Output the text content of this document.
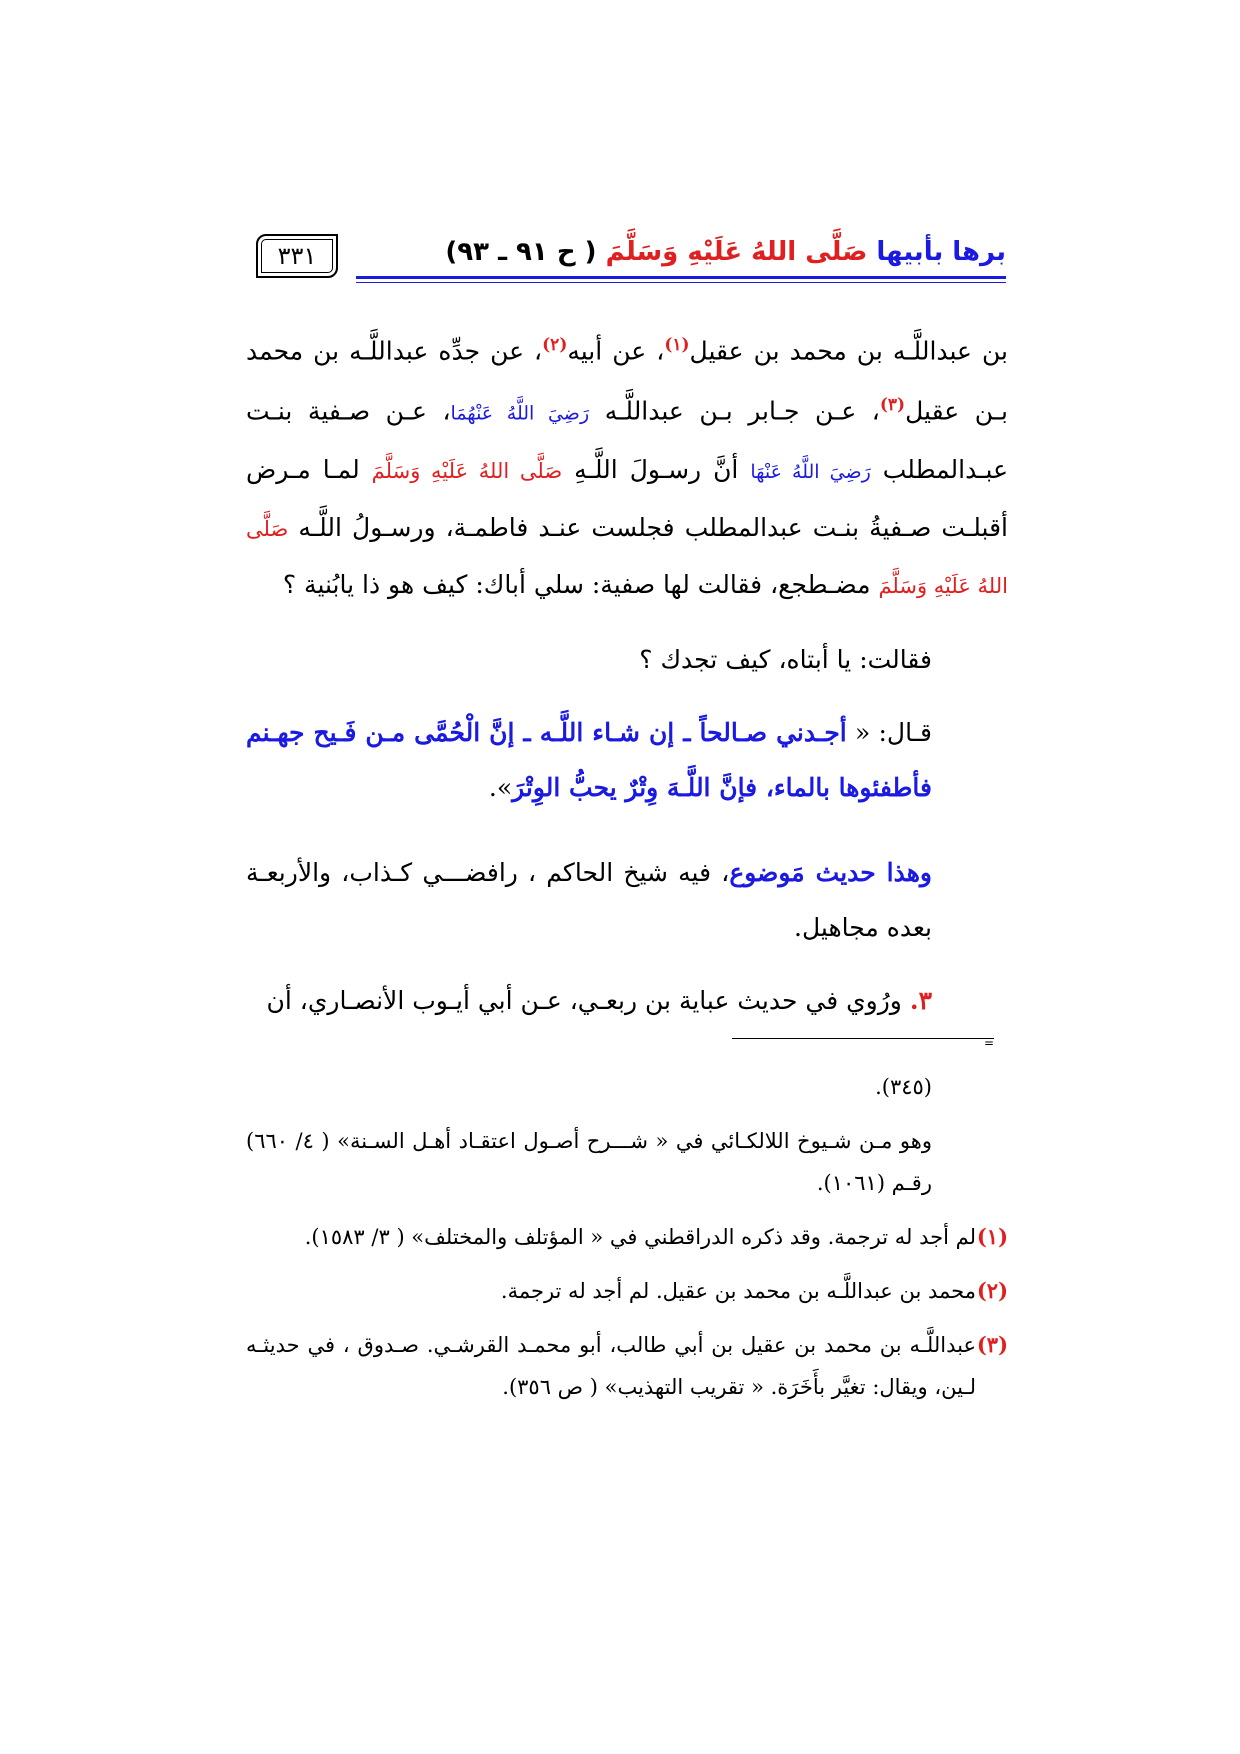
برها بأبيها صَلَّى اللهُ عَلَيْهِ وَسَلَّمَ ( ح ٩١ ـ ٩٣)
٣٣١

بن عبداللَّـه بن محمد بن عقيل$^{(١)}$، عن أبيه$^{(٢)}$، عن جدِّه عبداللَّـه بن محمد بـن عقيل$^{(٣)}$، عـن جـابر بـن عبداللَّـه رَضِيَ اللَّهُ عَنْهُمَا، عـن صـفية بنـت عبـدالمطلب رَضِيَ اللَّهُ عَنْهَا أنَّ رسـولَ اللَّـهِ صَلَّى اللهُ عَلَيْهِ وَسَلَّمَ لمـا مـرض أقبلـت صـفيةُ بنـت عبدالمطلب فجلست عنـد فاطمـة، ورسـولُ اللَّـه صَلَّى اللهُ عَلَيْهِ وَسَلَّمَ مضـطجع، فقالت لها صفية: سلي أباك: كيف هو ذا يابُنية ؟

فقالت: يا أبتاه، كيف تجدك ؟

قـال: « أجـدني صـالحاً ـ إن شـاء اللَّـه ـ إنَّ الْحُمَّى مـن فَـيح جهـنم فأطفئوها بالماء، فإنَّ اللَّـهَ وِتْرٌ يحبُّ الوِتْرَ».

وهذا حديث مَوضوع، فيه شيخ الحاكم ، رافضـــي كـذاب، والأربعـة بعده مجاهيل.

٣. ورُوي في حديث عباية بن ربعـي، عـن أبي أيـوب الأنصـاري، أن

=

(٣٤٥).

وهو مـن شـيوخ اللالكـائي في « شـــرح أصـول اعتقـاد أهـل السـنة» ( ٤/ ٦٦٠) رقـم (١٠٦١).

(١)
لم أجد له ترجمة. وقد ذكره الدراقطني في « المؤتلف والمختلف» ( ٣/ ١٥٨٣).

(٢)
محمد بن عبداللَّـه بن محمد بن عقيل. لم أجد له ترجمة.

(٣)
عبداللَّـه بن محمد بن عقيل بن أبي طالب، أبو محمـد القرشـي. صـدوق ، في حديثـه لـين، ويقال: تغيَّر بأَخَرَة. « تقريب التهذيب» ( ص ٣٥٦).
